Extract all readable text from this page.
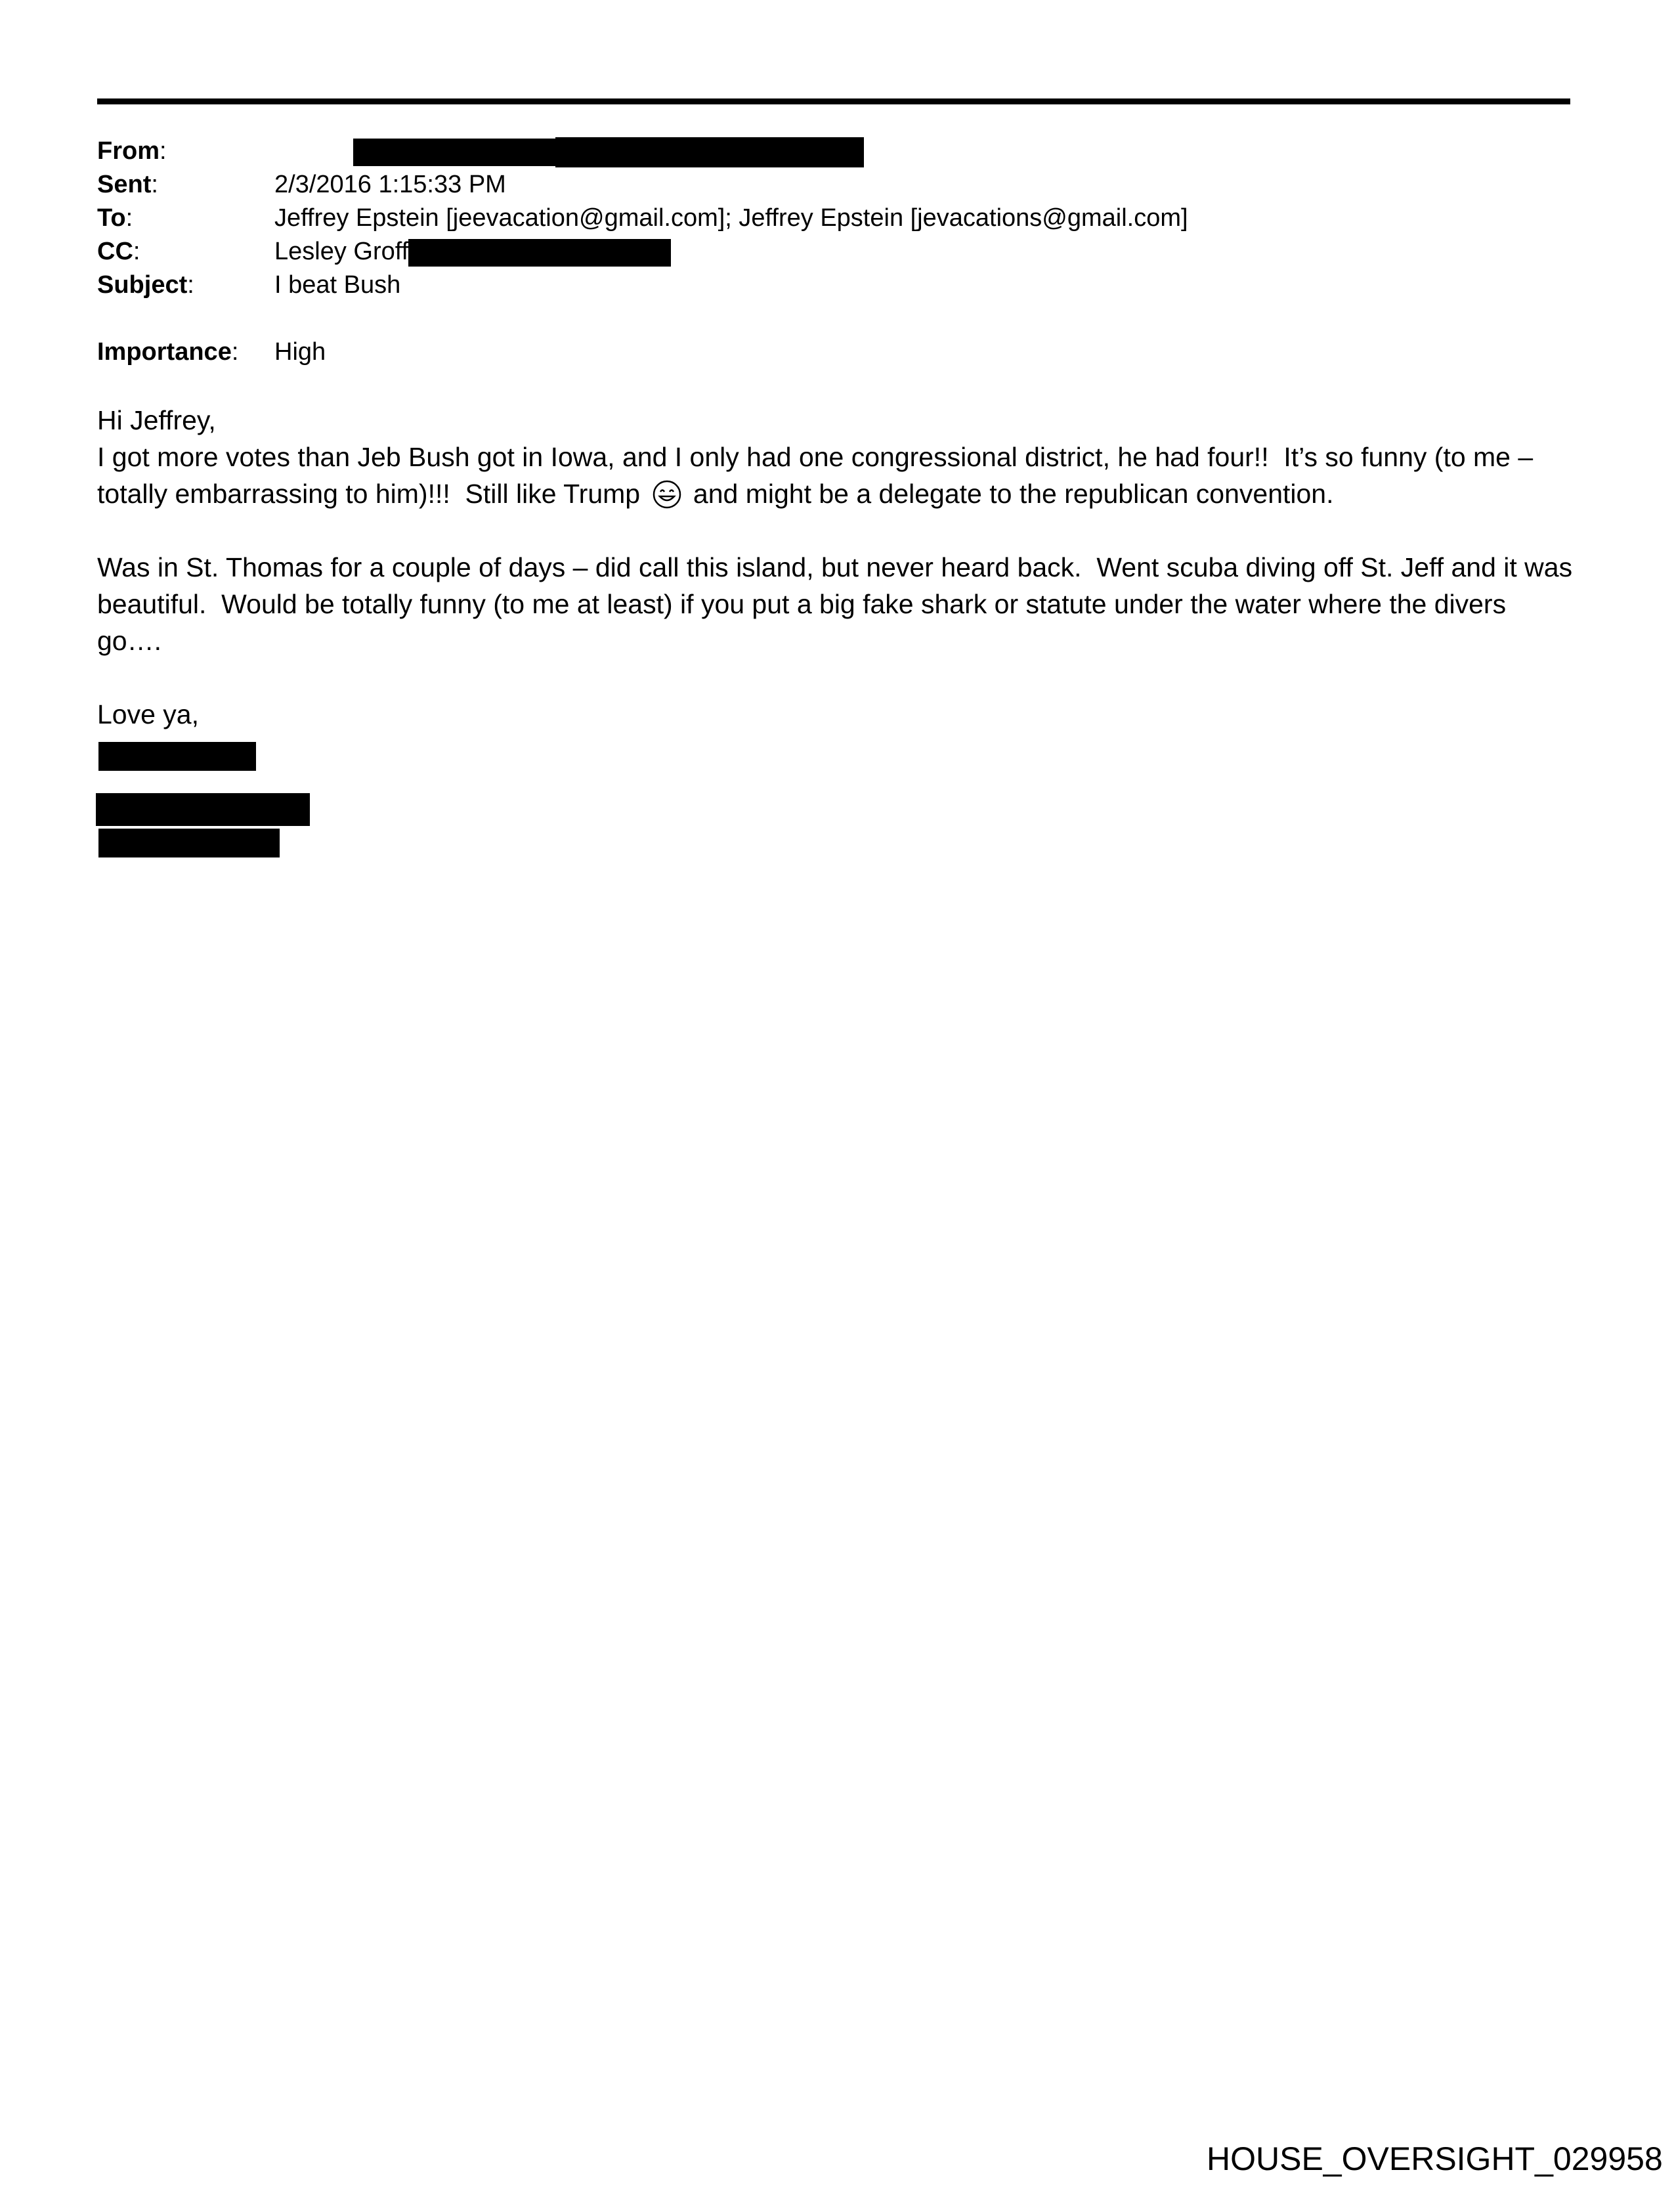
From:
Sent:	2/3/2016 1:15:33 PM
To:	Jeffrey Epstein [jeevacation@gmail.com]; Jeffrey Epstein [jevacations@gmail.com]
CC:	Lesley Groff
Subject:	I beat Bush
Importance: High

Hi Jeffrey,
I got more votes than Jeb Bush got in Iowa, and I only had one congressional district, he had four!!  It’s so funny (to me – totally embarrassing to him)!!!  Still like Trump and might be a delegate to the republican convention.

Was in St. Thomas for a couple of days – did call this island, but never heard back.  Went scuba diving off St. Jeff and it was beautiful.  Would be totally funny (to me at least) if you put a big fake shark or statute under the water where the divers go….

Love ya,

HOUSE_OVERSIGHT_029958
